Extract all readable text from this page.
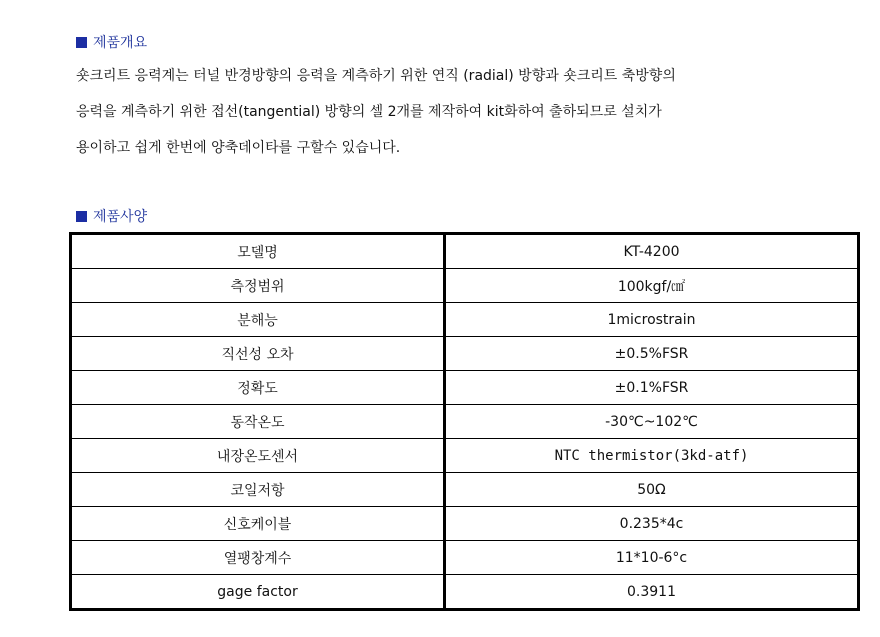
제품개요
숏크리트 응력계는 터널 반경방향의 응력을 계측하기 위한 연직 (radial) 방향과 숏크리트 축방향의
응력을 계측하기 위한 접선(tangential) 방향의 셀 2개를 제작하여 kit화하여 출하되므로 설치가
용이하고 쉽게 한번에 양축데이타를 구할수 있습니다.
제품사양
모델명	KT-4200
측정범위	100kgf/㎠
분해능	1microstrain
직선성 오차	±0.5%FSR
정확도	±0.1%FSR
동작온도	-30℃~102℃
내장온도센서	NTC thermistor(3kd-atf)
코일저항	50Ω
신호케이블	0.235*4c
열팽창계수	11*10-6°c
gage factor	0.3911
